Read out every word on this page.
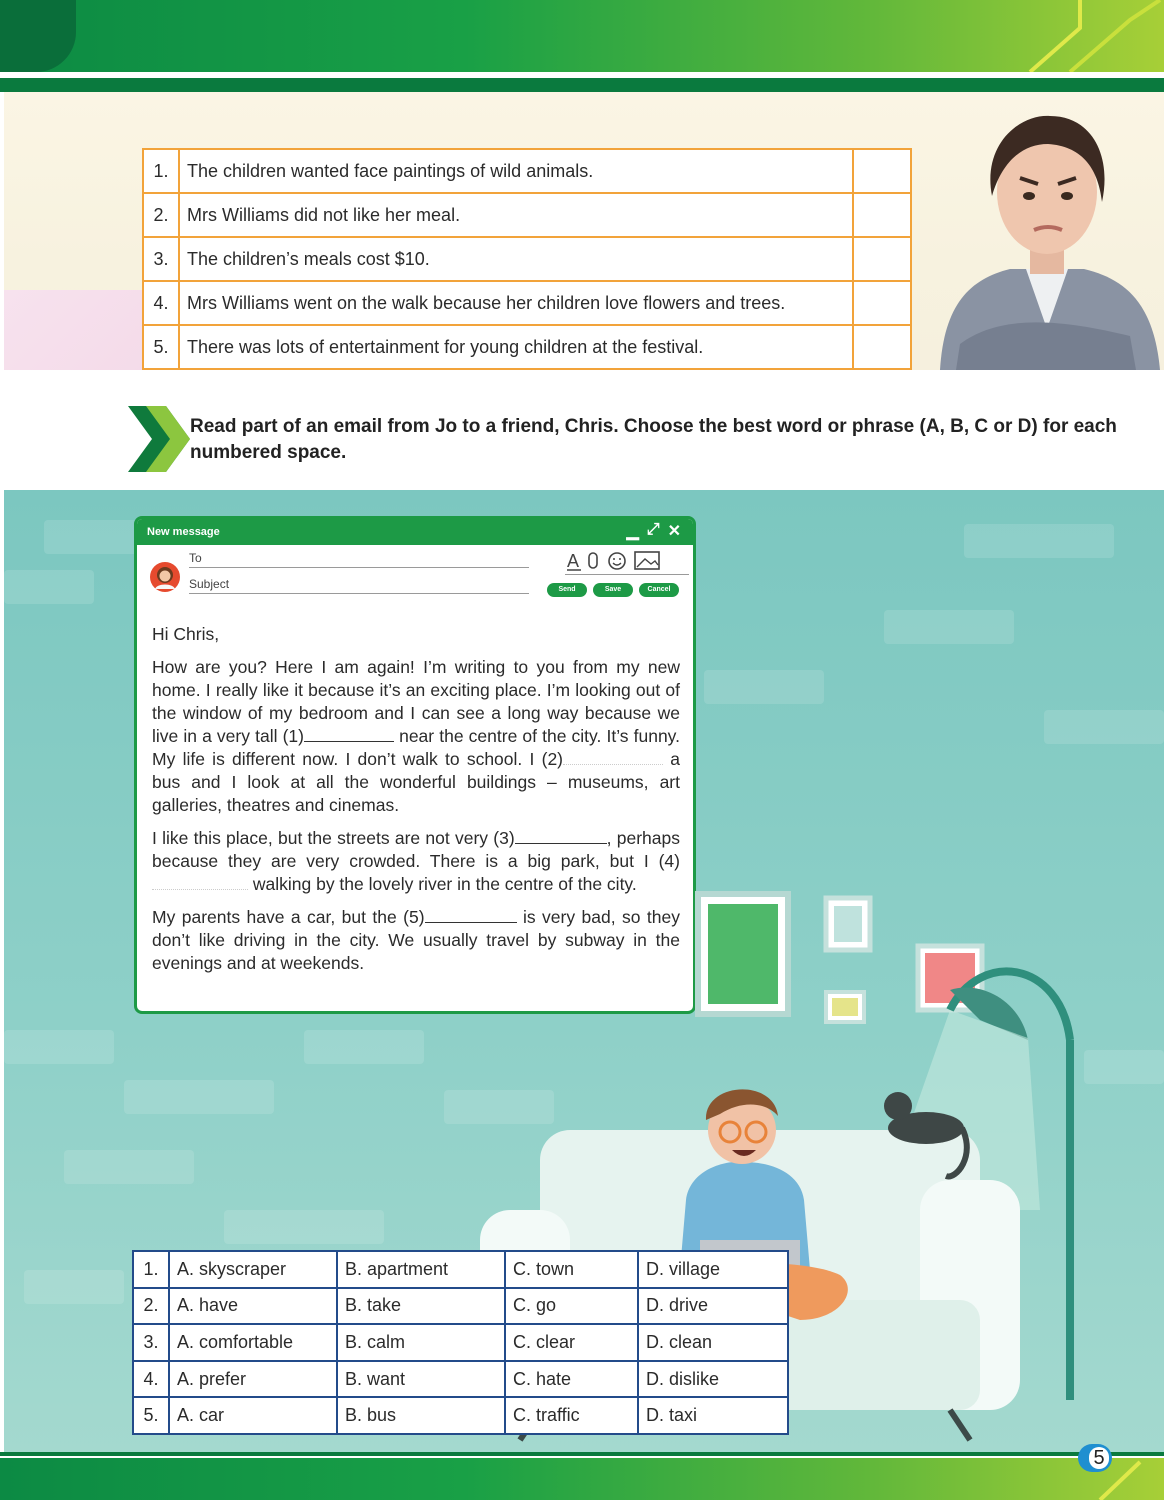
1.	The children wanted face paintings of wild animals.	
2.	Mrs Williams did not like her meal.	
3.	The children’s meals cost $10.	
4.	Mrs Williams went on the walk because her children love flowers and trees.	
5.	There was lots of entertainment for young children at the festival.	
03
Read part of an email from Jo to a friend, Chris. Choose the best word or phrase (A, B, C or D) for each numbered space.
New message	▁ ⤢ ✕
To
Subject
A
Send	Save	Cancel

Hi Chris,

How are you? Here I am again! I’m writing to you from my new home. I really like it because it’s an exciting place. I’m looking out of the window of my bedroom and I can see a long way because we live in a very tall (1)	near the centre of the city. It’s funny. My life is different now. I don’t walk to school. I (2)	a bus and I look at all the wonderful buildings – museums, art galleries, theatres and cinemas.

I like this place, but the streets are not very (3)	, perhaps because they are very crowded. There is a big park, but I (4) walking by the lovely river in the centre of the city.

My parents have a car, but the (5)	is very bad, so they don’t like driving in the city. We usually travel by subway in the evenings and at weekends.

1.	A. skyscraper	B. apartment	C. town	D. village
2.	A. have	B. take	C. go	D. drive
3.	A. comfortable	B. calm	C. clear	D. clean
4.	A. prefer	B. want	C. hate	D. dislike
5.	A. car	B. bus	C. traffic	D. taxi
5
